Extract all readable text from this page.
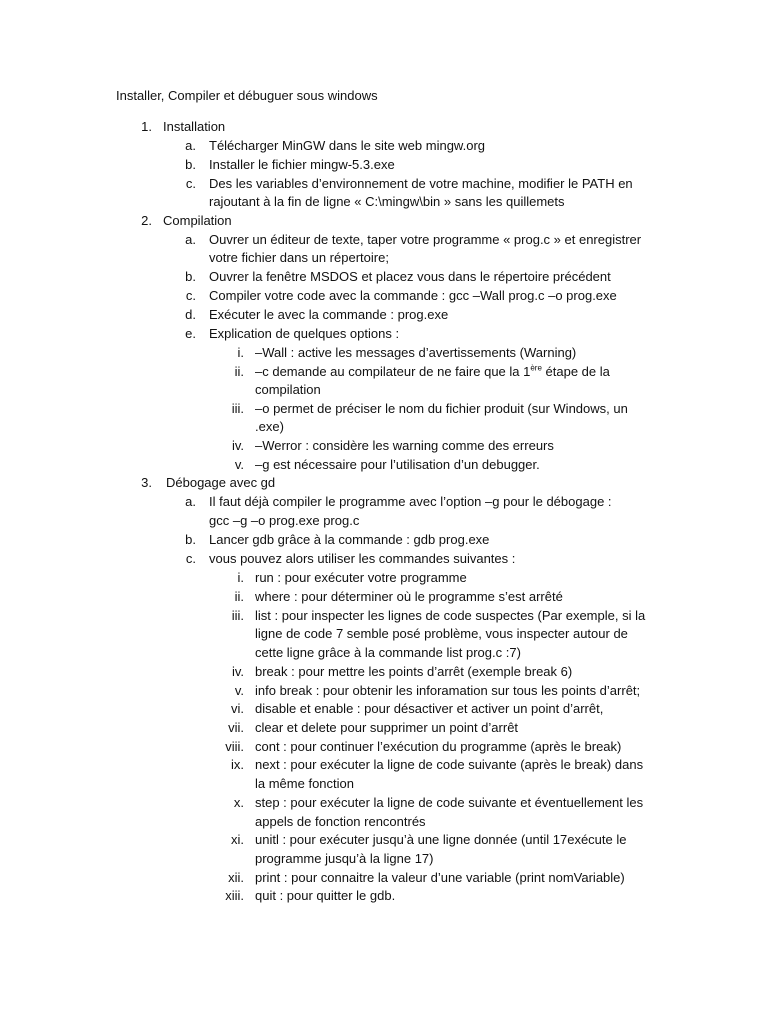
Installer, Compiler et débuguer sous windows
1. Installation
a. Télécharger MinGW dans le site web mingw.org
b. Installer le fichier mingw-5.3.exe
c. Des les variables d’environnement de votre machine, modifier le PATH en
rajoutant à la fin de ligne « C:\mingw\bin » sans les quillemets
2. Compilation
a. Ouvrer un éditeur de texte, taper votre programme « prog.c » et enregistrer
votre fichier dans un répertoire;
b. Ouvrer la fenêtre MSDOS et placez vous dans le répertoire précédent
c. Compiler votre code avec la commande : gcc –Wall prog.c –o prog.exe
d. Exécuter le avec la commande : prog.exe
e. Explication de quelques options :
i. –Wall : active les messages d’avertissements (Warning)
ii. –c demande au compilateur de ne faire que la 1ère étape de la
compilation
iii. –o permet de préciser le nom du fichier produit (sur Windows, un
.exe)
iv. –Werror : considère les warning comme des erreurs
v. –g est nécessaire pour l’utilisation d’un debugger.
3. Débogage avec gd
a. Il faut déjà compiler le programme avec l’option –g pour le débogage :
gcc –g –o prog.exe prog.c
b. Lancer gdb grâce à la commande : gdb prog.exe
c. vous pouvez alors utiliser les commandes suivantes :
i. run : pour exécuter votre programme
ii. where : pour déterminer où le programme s’est arrêté
iii. list : pour inspecter les lignes de code suspectes (Par exemple, si la
ligne de code 7 semble posé problème, vous inspecter autour de
cette ligne grâce à la commande list prog.c :7)
iv. break : pour mettre les points d’arrêt (exemple break 6)
v. info break : pour obtenir les inforamation sur tous les points d’arrêt;
vi. disable et enable : pour désactiver et activer un point d’arrêt,
vii. clear et delete pour supprimer un point d’arrêt
viii. cont : pour continuer l’exécution du programme (après le break)
ix. next : pour exécuter la ligne de code suivante (après le break) dans
la même fonction
x. step : pour exécuter la ligne de code suivante et éventuellement les
appels de fonction rencontrés
xi. unitl : pour exécuter jusqu’à une ligne donnée (until 17exécute le
programme jusqu’à la ligne 17)
xii. print : pour connaitre la valeur d’une variable (print nomVariable)
xiii. quit : pour quitter le gdb.
